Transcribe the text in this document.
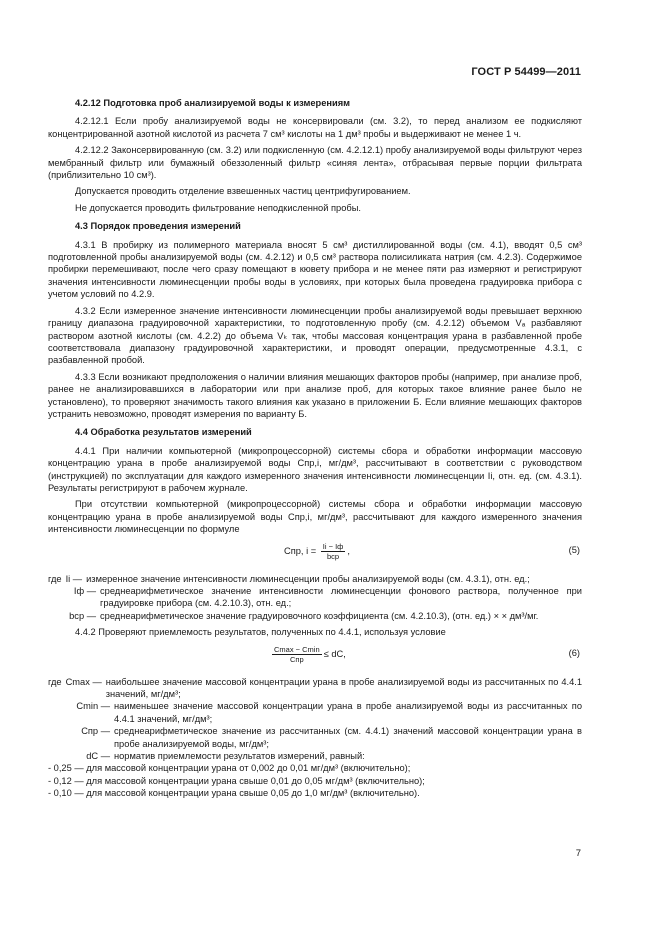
ГОСТ Р 54499—2011

4.2.12 Подготовка проб анализируемой воды к измерениям

4.2.12.1 Если пробу анализируемой воды не консервировали (см. 3.2), то перед анализом ее подкисляют концентрированной азотной кислотой из расчета 7 см³ кислоты на 1 дм³ пробы и выдерживают не менее 1 ч.

4.2.12.2 Законсервированную (см. 3.2) или подкисленную (см. 4.2.12.1) пробу анализируемой воды фильтруют через мембранный фильтр или бумажный обеззоленный фильтр «синяя лента», отбрасывая первые порции фильтрата (приблизительно 10 см³).

Допускается проводить отделение взвешенных частиц центрифугированием.

Не допускается проводить фильтрование неподкисленной пробы.

4.3 Порядок проведения измерений

4.3.1 В пробирку из полимерного материала вносят 5 см³ дистиллированной воды (см. 4.1), вводят 0,5 см³ подготовленной пробы анализируемой воды (см. 4.2.12) и 0,5 см³ раствора полисиликата натрия (см. 4.2.3). Содержимое пробирки перемешивают, после чего сразу помещают в кювету прибора и не менее пяти раз измеряют и регистрируют значения интенсивности люминесценции пробы воды в условиях, при которых была проведена градуировка прибора с учетом условий по 4.2.9.

4.3.2 Если измеренное значение интенсивности люминесценции пробы анализируемой воды превышает верхнюю границу диапазона градуировочной характеристики, то подготовленную пробу (см. 4.2.12) объемом Vₐ разбавляют раствором азотной кислоты (см. 4.2.2) до объема Vₖ так, чтобы массовая концентрация урана в разбавленной пробе соответствовала диапазону градуировочной характеристики, и проводят операции, предусмотренные 4.3.1, с разбавленной пробой.

4.3.3 Если возникают предположения о наличии влияния мешающих факторов пробы (например, при анализе проб, ранее не анализировавшихся в лаборатории или при анализе проб, для которых такое влияние ранее было не установлено), то проверяют значимость такого влияния как указано в приложении Б. Если влияние мешающих факторов устранить невозможно, проводят измерения по варианту Б.

4.4 Обработка результатов измерений

4.4.1 При наличии компьютерной (микропроцессорной) системы сбора и обработки информации массовую концентрацию урана в пробе анализируемой воды Cпр,i, мг/дм³, рассчитывают в соответствии с руководством (инструкцией) по эксплуатации для каждого измеренного значения интенсивности люминесценции Ii, отн. ед. (см. 4.3.1). Результаты регистрируют в рабочем журнале.

При отсутствии компьютерной (микропроцессорной) системы сбора и обработки информации массовую концентрацию урана в пробе анализируемой воды Cпр,i, мг/дм³, рассчитывают для каждого измеренного значения интенсивности люминесценции по формуле

Cпр, $i = \frac{Ii - Iф}{\text{bср}}$ ,	(5)
где Ii — измеренное значение интенсивности люминесценции пробы анализируемой воды (см. 4.3.1), отн. ед.;
Iф — среднеарифметическое значение интенсивности люминесценции фонового раствора, полученное при градуировке прибора (см. 4.2.10.3), отн. ед.;
bср — среднеарифметическое значение градуировочного коэффициента (см. 4.2.10.3), (отн. ед.) × × дм³/мг.

4.4.2 Проверяют приемлемость результатов, полученных по 4.4.1, используя условие

$\frac{Cmax - Cmin}{\text{Cпр}}$ ≤ dC,	(6)
где Cmax — наибольшее значение массовой концентрации урана в пробе анализируемой воды из рассчитанных по 4.4.1 значений, мг/дм³;
Cmin — наименьшее значение массовой концентрации урана в пробе анализируемой воды из рассчитанных по 4.4.1 значений, мг/дм³;
Cпр — среднеарифметическое значение из рассчитанных (см. 4.4.1) значений массовой концентрации урана в пробе анализируемой воды, мг/дм³;
dC — норматив приемлемости результатов измерений, равный:

- 0,25 — для массовой концентрации урана от 0,002 до 0,01 мг/дм³ (включительно);

- 0,12 — для массовой концентрации урана свыше 0,01 до 0,05 мг/дм³ (включительно);

- 0,10 — для массовой концентрации урана свыше 0,05 до 1,0 мг/дм³ (включительно).

7
